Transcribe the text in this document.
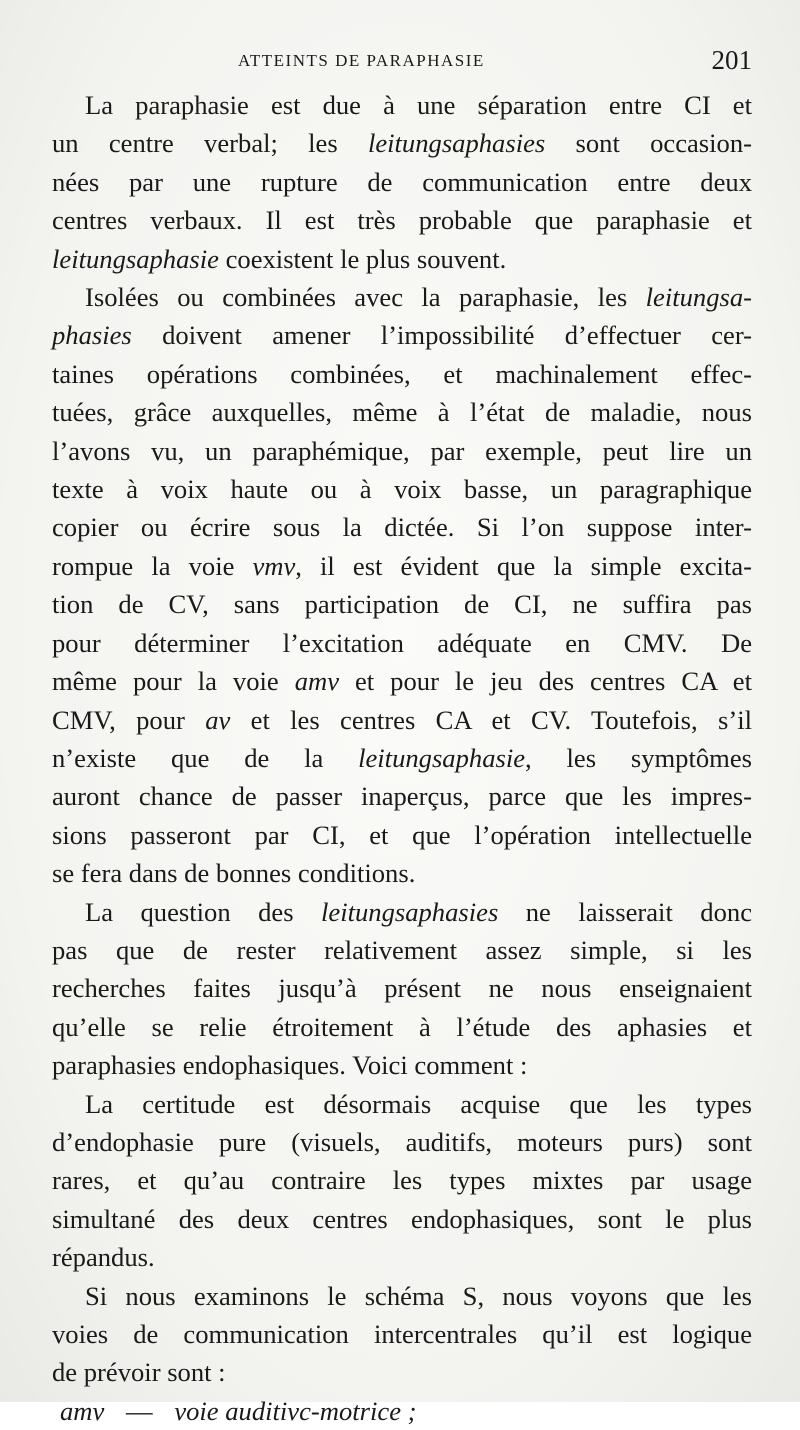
ATTEINTS DE PARAPHASIE	201
La paraphasie est due à une séparation entre CI et
un centre verbal; les leitungsaphasies sont occasion-
nées par une rupture de communication entre deux
centres verbaux. Il est très probable que paraphasie et
leitungsaphasie coexistent le plus souvent.
Isolées ou combinées avec la paraphasie, les leitungsa-
phasies doivent amener l’impossibilité d’effectuer cer-
taines opérations combinées, et machinalement effec-
tuées, grâce auxquelles, même à l’état de maladie, nous
l’avons vu, un paraphémique, par exemple, peut lire un
texte à voix haute ou à voix basse, un paragraphique
copier ou écrire sous la dictée. Si l’on suppose inter-
rompue la voie vmv, il est évident que la simple excita-
tion de CV, sans participation de CI, ne suffira pas
pour déterminer l’excitation adéquate en CMV. De
même pour la voie amv et pour le jeu des centres CA et
CMV, pour av et les centres CA et CV. Toutefois, s’il
n’existe que de la leitungsaphasie, les symptômes
auront chance de passer inaperçus, parce que les impres-
sions passeront par CI, et que l’opération intellectuelle
se fera dans de bonnes conditions.
La question des leitungsaphasies ne laisserait donc
pas que de rester relativement assez simple, si les
recherches faites jusqu’à présent ne nous enseignaient
qu’elle se relie étroitement à l’étude des aphasies et
paraphasies endophasiques. Voici comment :
La certitude est désormais acquise que les types
d’endophasie pure (visuels, auditifs, moteurs purs) sont
rares, et qu’au contraire les types mixtes par usage
simultané des deux centres endophasiques, sont le plus
répandus.
Si nous examinons le schéma S, nous voyons que les
voies de communication intercentrales qu’il est logique
de prévoir sont :
amv — voie auditivc-motrice ;
